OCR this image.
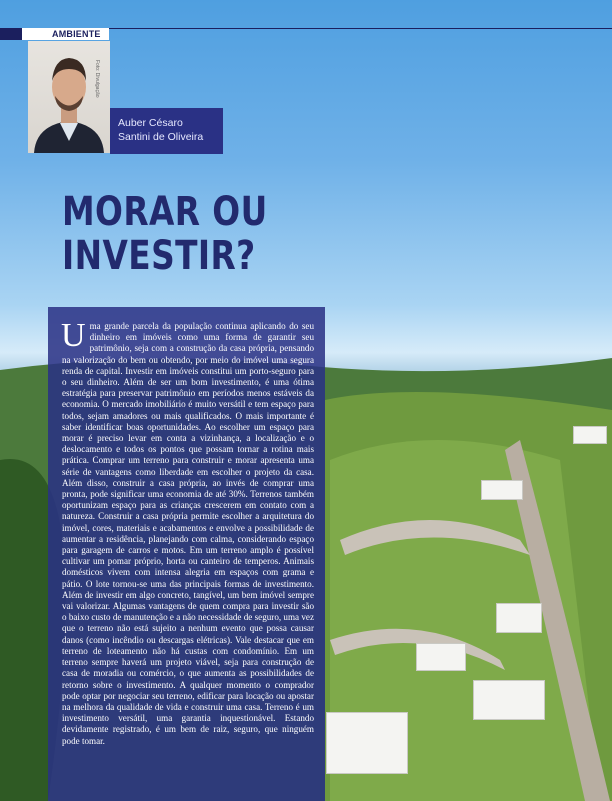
AMBIENTE
Foto: Divulgação
Auber Césaro
Santini de Oliveira
MORAR OU
INVESTIR?
Uma grande parcela da população continua aplicando do seu dinheiro em imóveis como uma forma de garantir seu patrimônio, seja com a construção da casa própria, pensando na valorização do bem ou obtendo, por meio do imóvel uma segura renda de capital. Investir em imóveis constitui um porto-seguro para o seu dinheiro. Além de ser um bom investimento, é uma ótima estratégia para preservar patrimônio em períodos menos estáveis da economia. O mercado imobiliário é muito versátil e tem espaço para todos, sejam amadores ou mais qualificados. O mais importante é saber identificar boas oportunidades. Ao escolher um espaço para morar é preciso levar em conta a vizinhança, a localização e o deslocamento e todos os pontos que possam tornar a rotina mais prática. Comprar um terreno para construir e morar apresenta uma série de vantagens como liberdade em escolher o projeto da casa. Além disso, construir a casa própria, ao invés de comprar uma pronta, pode significar uma economia de até 30%. Terrenos também oportunizam espaço para as crianças crescerem em contato com a natureza. Construir a casa própria permite escolher a arquitetura do imóvel, cores, materiais e acabamentos e envolve a possibilidade de aumentar a residência, planejando com calma, considerando espaço para garagem de carros e motos. Em um terreno amplo é possível cultivar um pomar próprio, horta ou canteiro de temperos. Animais domésticos vivem com intensa alegria em espaços com grama e pátio. O lote tornou-se uma das principais formas de investimento. Além de investir em algo concreto, tangível, um bem imóvel sempre vai valorizar. Algumas vantagens de quem compra para investir são o baixo custo de manutenção e a não necessidade de seguro, uma vez que o terreno não está sujeito a nenhum evento que possa causar danos (como incêndio ou descargas elétricas). Vale destacar que em terreno de loteamento não há custas com condomínio. Em um terreno sempre haverá um projeto viável, seja para construção de casa de moradia ou comércio, o que aumenta as possibilidades de retorno sobre o investimento. A qualquer momento o comprador pode optar por negociar seu terreno, edificar para locação ou apostar na melhora da qualidade de vida e construir uma casa. Terreno é um investimento versátil, uma garantia inquestionável. Estando devidamente registrado, é um bem de raiz, seguro, que ninguém pode tomar.
